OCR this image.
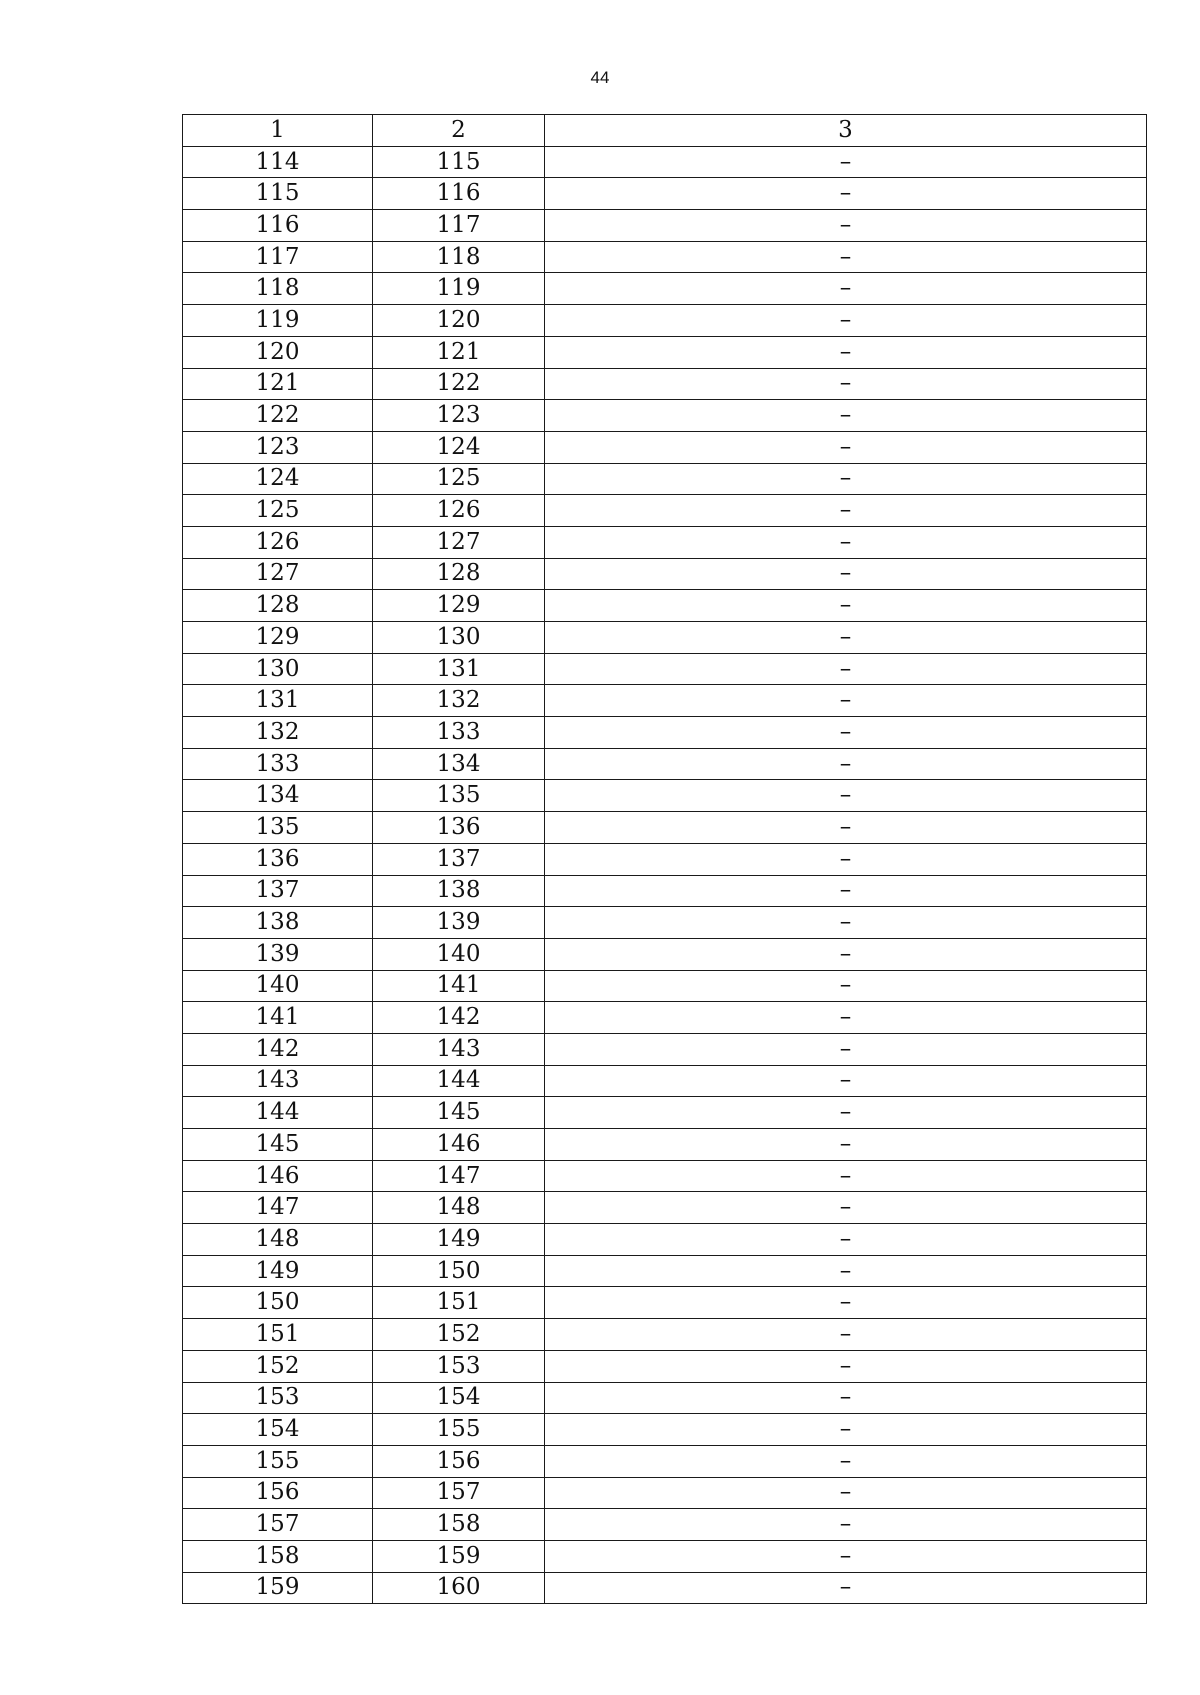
44
1	2	3
114	115	–
115	116	–
116	117	–
117	118	–
118	119	–
119	120	–
120	121	–
121	122	–
122	123	–
123	124	–
124	125	–
125	126	–
126	127	–
127	128	–
128	129	–
129	130	–
130	131	–
131	132	–
132	133	–
133	134	–
134	135	–
135	136	–
136	137	–
137	138	–
138	139	–
139	140	–
140	141	–
141	142	–
142	143	–
143	144	–
144	145	–
145	146	–
146	147	–
147	148	–
148	149	–
149	150	–
150	151	–
151	152	–
152	153	–
153	154	–
154	155	–
155	156	–
156	157	–
157	158	–
158	159	–
159	160	–
